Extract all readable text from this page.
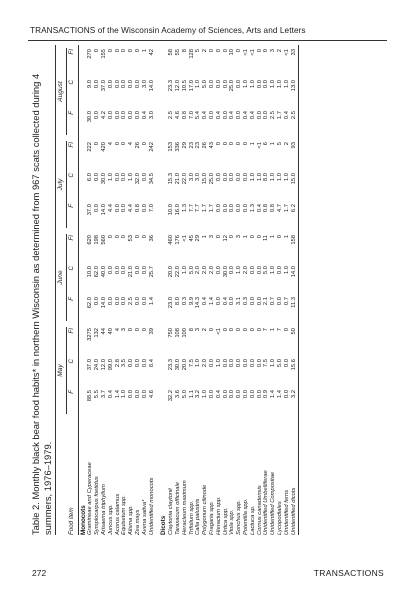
TRANSACTIONS of the Wisconsin Academy of Sciences, Arts and Letters

Table 2. Monthly black bear food habits* in northern Wisconsin as determined from 967 scats collected during 4 summers, 1976–1979.

	May			June			July			August		

Food item	F	C	FI	F	C	FI	F	C	FI	F	C	FI
Monocots												
Gramineae and Cyperaceae	88.5	37.0	3275	62.0	10.0	620	37.0	6.0	222	30.0	9.0	270
Symplocarpus foetidus	5.5	24.0	132	0.0	62.0	198	0.0	0.0	0	0.0	0.0	0
Arisaema triphyllum	3.7	12.0	44	14.0	40.0	560	14.0	30.0	420	4.2	37.0	155
Juncus spp.	0.4	99.0	40	0.0	0.0	0	4.4	1.0	4	0.0	0.0	0
Acorus calamus	1.4	2.8	4	0.0	0.0	0	0.0	0.0	0	0.0	0.0	0
Equisetum spp.	1.0	3.5	3	0.0	0.0	0	0.0	0.0	0	0.0	0.0	0
Alisma spp.	0.0	0.0	0	2.5	21.0	53	4.4	1.0	4	0.0	0.0	0
Zea mays	0.0	0.0	0	0.0	0.0	0	0.8	32.0	26	0.0	0.0	0
Avena sativa*	0.0	0.0	0	0.0	0.0	0	0.0	0.0	0	0.4	3.0	1
Unidentified monocots	4.6	8.4	39	1.4	25.7	36	7.0	34.5	242	3.0	14.0	42

Dicots												
Claytonia claytonii	32.2	23.3	750	23.0	20.0	460	10.0	15.3	153	2.5	23.3	58
Taraxacum officinale	3.6	30.0	108	8.0	22.0	176	16.0	21.0	336	4.6	12.0	55
Heracleum maximum	5.0	20.0	100	0.3	1.0	<1	1.3	22.0	29	0.8	10.5	8
Trifolium spp.	1.1	7.5	8	9.9	5.0	45	7.7	3.0	23	7.0	17.0	128
Calla palustris	3.2	1.0	3	14.3	2.0	29	7.7	3.0	23	5.4	1.0	5
Polygonum cilinode	1.0	2.0	2	0.4	2.0	1	1.7	15.0	26	0.4	5.0	2
Fragaria spp.	0.0	0.0	0	1.4	2.0	3	1.7	25.0	43	0.0	0.0	0
Hieracium spp.	0.4	1.0	<1	0.0	0.0	0	0.0	0.0	0	0.4	0.0	0
Urtica spp.	0.0	0.0	0	0.4	30.0	12	0.0	0.0	0	0.0	0.0	0
Viola spp.	0.0	0.0	0	0.0	0.0	0	0.0	0.0	0	0.4	25.0	10
Sonchus spp.	0.0	0.0	0	3.1	1.0	3	0.0	0.0	0	0.0	0.0	0
Potentilla spp.	0.0	0.0	0	0.3	2.0	1	0.0	0.0	0	0.4	1.0	<1
Lactuca sp.	0.0	0.0	0	0.0	0.0	0	1.3	1.0	1	0.4	1.0	<1
Cornus canadensis	0.0	0.0	0	0.0	0.0	0	0.4	1.0	<1	0.0	0.0	0
Unidentified Umbelliferae	0.9	7.5	7	2.1	5.0	11	0.8	8.0	6	0.0	0.0	0
Unidentified Compositae	1.4	1.0	1	0.7	1.0	1	0.8	1.0	1	2.5	1.0	3
Lycopodiales	1.4	5.0	7	0.0	0.0	0	4.7	1.0	5	1.7	1.0	2
Unidentified ferns	0.0	0.0	0	0.7	1.0	1	1.7	1.0	2	0.4	1.0	<1
Unidentified dicots	3.2	15.6	50	11.3	14.0	158	6.2	15.0	93	2.5	13.0	33
272	TRANSACTIONS
